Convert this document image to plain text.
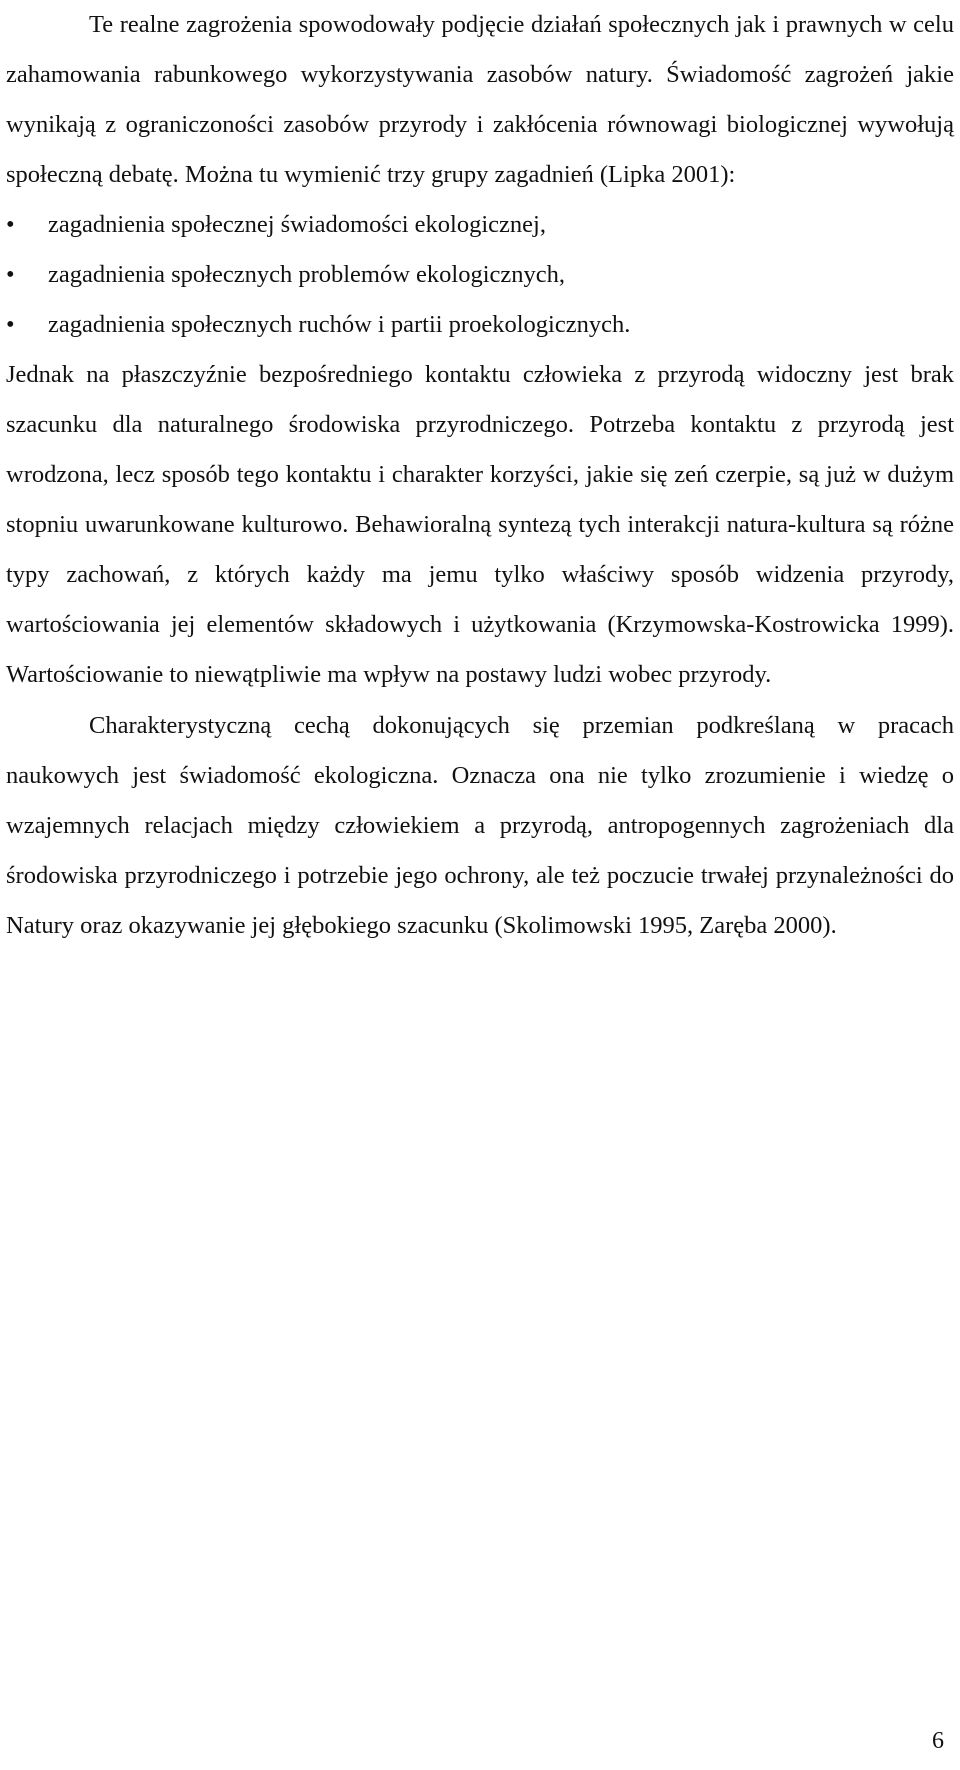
Te realne zagrożenia spowodowały podjęcie działań społecznych jak i prawnych w celu zahamowania rabunkowego wykorzystywania zasobów natury. Świadomość zagrożeń jakie wynikają z ograniczoności zasobów przyrody i zakłócenia równowagi biologicznej wywołują społeczną debatę. Można tu wymienić trzy grupy zagadnień (Lipka 2001):

•	zagadnienia społecznej świadomości ekologicznej,
•	zagadnienia społecznych problemów ekologicznych,
•	zagadnienia społecznych ruchów i partii proekologicznych.

Jednak na płaszczyźnie bezpośredniego kontaktu człowieka z przyrodą widoczny jest brak szacunku dla naturalnego środowiska przyrodniczego. Potrzeba kontaktu z przyrodą jest wrodzona, lecz sposób tego kontaktu i charakter korzyści, jakie się zeń czerpie, są już w dużym stopniu uwarunkowane kulturowo. Behawioralną syntezą tych interakcji natura-kultura są różne typy zachowań, z których każdy ma jemu tylko właściwy sposób widzenia przyrody, wartościowania jej elementów składowych i użytkowania (Krzymowska-Kostrowicka 1999). Wartościowanie to niewątpliwie ma wpływ na postawy ludzi wobec przyrody.

Charakterystyczną cechą dokonujących się przemian podkreślaną w pracach naukowych jest świadomość ekologiczna. Oznacza ona nie tylko zrozumienie i wiedzę o wzajemnych relacjach między człowiekiem a przyrodą, antropogennych zagrożeniach dla środowiska przyrodniczego i potrzebie jego ochrony, ale też poczucie trwałej przynależności do Natury oraz okazywanie jej głębokiego szacunku (Skolimowski 1995, Zaręba 2000).

6
